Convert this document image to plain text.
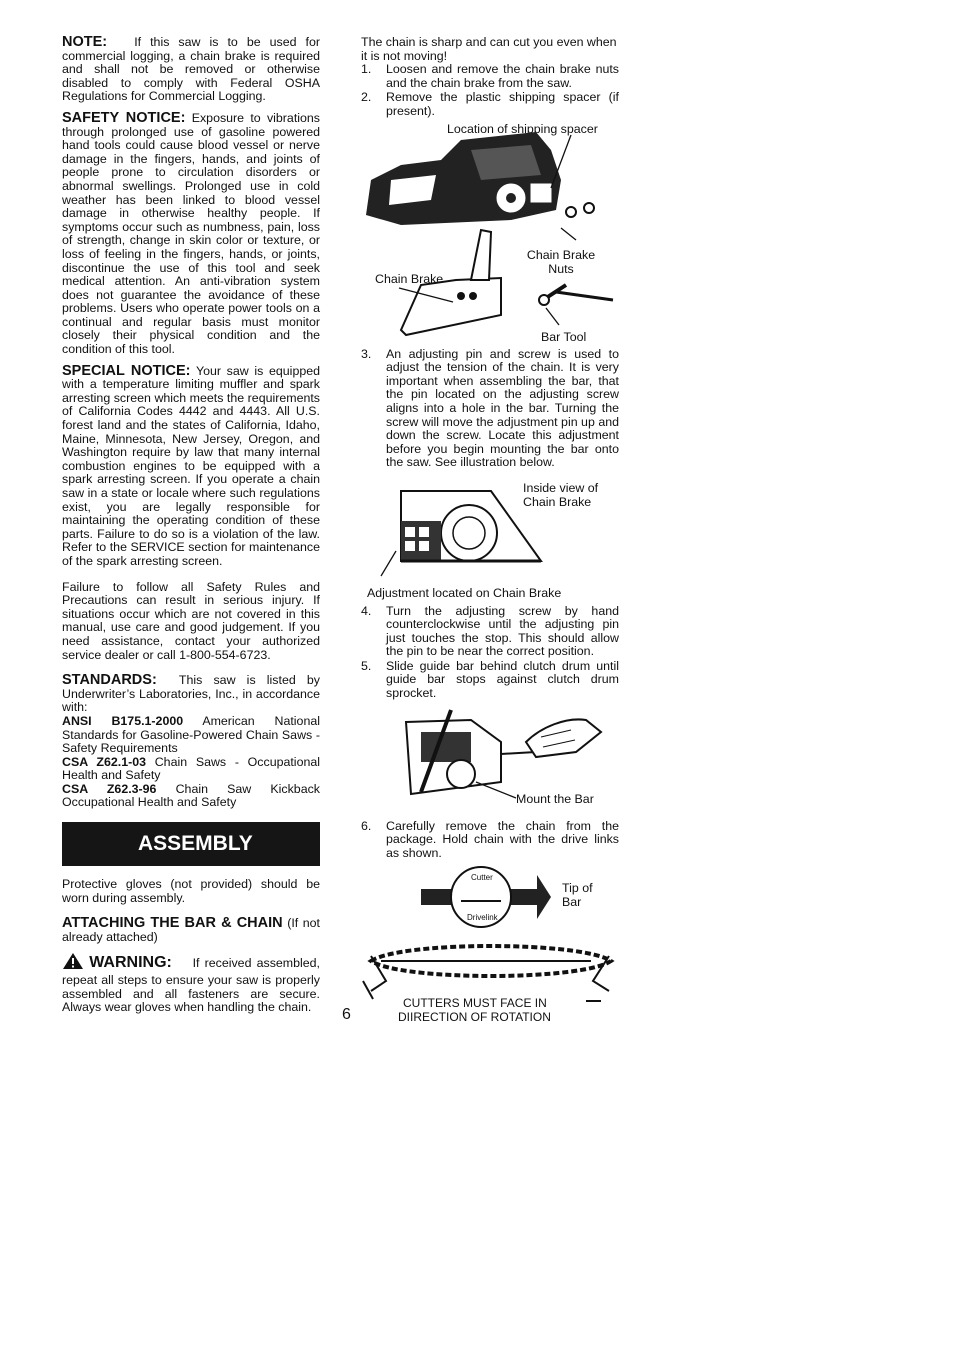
NOTE: If this saw is to be used for commercial logging, a chain brake is required and shall not be removed or otherwise disabled to comply with Federal OSHA Regulations for Commercial Logging.

SAFETY NOTICE: Exposure to vibrations through prolonged use of gasoline powered hand tools could cause blood vessel or nerve damage in the fingers, hands, and joints of people prone to circulation disorders or abnormal swellings. Prolonged use in cold weather has been linked to blood vessel damage in otherwise healthy people. If symptoms occur such as numbness, pain, loss of strength, change in skin color or texture, or loss of feeling in the fingers, hands, or joints, discontinue the use of this tool and seek medical attention. An anti-vibration system does not guarantee the avoidance of these problems. Users who operate power tools on a continual and regular basis must monitor closely their physical condition and the condition of this tool.

SPECIAL NOTICE: Your saw is equipped with a temperature limiting muffler and spark arresting screen which meets the requirements of California Codes 4442 and 4443. All U.S. forest land and the states of California, Idaho, Maine, Minnesota, New Jersey, Oregon, and Washington require by law that many internal combustion engines to be equipped with a spark arresting screen. If you operate a chain saw in a state or locale where such regulations exist, you are legally responsible for maintaining the operating condition of these parts. Failure to do so is a violation of the law. Refer to the SERVICE section for maintenance of the spark arresting screen.

Failure to follow all Safety Rules and Precautions can result in serious injury. If situations occur which are not covered in this manual, use care and good judgement. If you need assistance, contact your authorized service dealer or call 1-800-554-6723.

STANDARDS: This saw is listed by Underwriter’s Laboratories, Inc., in accordance with:

ANSI B175.1-2000 American National Standards for Gasoline-Powered Chain Saws - Safety Requirements

CSA Z62.1-03 Chain Saws - Occupational Health and Safety

CSA Z62.3-96 Chain Saw Kickback Occupational Health and Safety

ASSEMBLY

Protective gloves (not provided) should be worn during assembly.

ATTACHING THE BAR & CHAIN (If not already attached)

WARNING: If received assembled, repeat all steps to ensure your saw is properly assembled and all fasteners are secure. Always wear gloves when handling the chain.

The chain is sharp and can cut you even when it is not moving!

1. Loosen and remove the chain brake nuts and the chain brake from the saw.
2. Remove the plastic shipping spacer (if present).
Location of shipping spacer
Chain Brake Nuts
Chain Brake
Bar Tool
3. An adjusting pin and screw is used to adjust the tension of the chain. It is very important when assembling the bar, that the pin located on the adjusting screw aligns into a hole in the bar. Turning the screw will move the adjustment pin up and down the screw. Locate this adjustment before you begin mounting the bar onto the saw. See illustration below.
Inside view of Chain Brake

Adjustment located on Chain Brake

4. Turn the adjusting screw by hand counterclockwise until the adjusting pin just touches the stop. This should allow the pin to be near the correct position.
5. Slide guide bar behind clutch drum until guide bar stops against clutch drum sprocket.
Mount the Bar
6. Carefully remove the chain from the package. Hold chain with the drive links as shown.
Cutter
Drivelink
Tip of Bar
CUTTERS MUST FACE IN
DIIRECTION OF ROTATION
6
